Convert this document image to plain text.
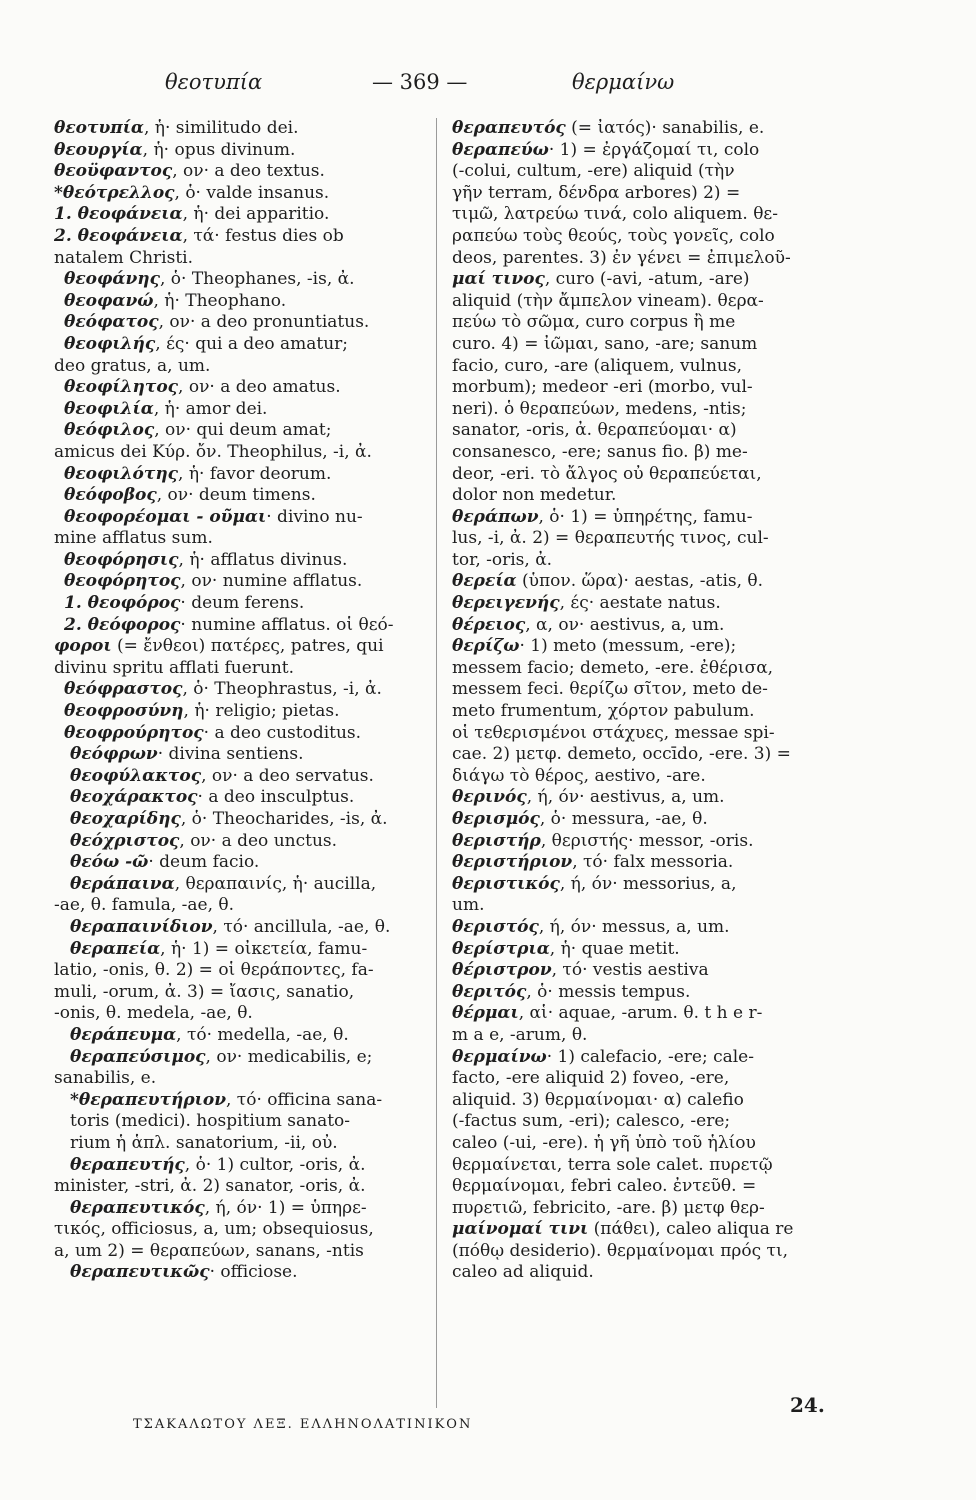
θεοτυπία	— 369 —	θερμαίνω
θεοτυπία, ἡ· similitudo dei.
θεουργία, ἡ· opus divinum.
θεοϋφαντος, ον· a deo textus.
*θεότρελλος, ὁ· valde insanus.
1. θεοφάνεια, ἡ· dei apparitio.
2. θεοφάνεια, τά· festus dies ob
natalem Christi.
θεοφάνης, ὁ· Theophanes, -is, ἀ.
θεοφανώ, ἡ· Theophano.
θεόφατος, ον· a deo pronuntiatus.
θεοφιλής, ές· qui a deo amatur;
deo gratus, a, um.
θεοφίλητος, ον· a deo amatus.
θεοφιλία, ἡ· amor dei.
θεόφιλος, ον· qui deum amat;
amicus dei Κύρ. ὄν. Theophilus, -i, ἀ.
θεοφιλότης, ἡ· favor deorum.
θεόφοβος, ον· deum timens.
θεοφορέομαι - οῦμαι· divino nu-
mine afflatus sum.
θεοφόρησις, ἡ· afflatus divinus.
θεοφόρητος, ον· numine afflatus.
1. θεοφόρος· deum ferens.
2. θεόφορος· numine afflatus. οἱ θεό-
φοροι (= ἔνθεοι) πατέρες, patres, qui
divinu spritu afflati fuerunt.
θεόφραστος, ὁ· Theophrastus, -i, ἀ.
θεοφροσύνη, ἡ· religio; pietas.
θεοφρούρητος· a deo custoditus.
θεόφρων· divina sentiens.
θεοφύλακτος, ον· a deo servatus.
θεοχάρακτος· a deo insculptus.
θεοχαρίδης, ὁ· Theocharides, -is, ἀ.
θεόχριστος, ον· a deo unctus.
θεόω -ῶ· deum facio.
θεράπαινα, θεραπαινίς, ἡ· aucilla,
-ae, θ. famula, -ae, θ.
θεραπαινίδιον, τό· ancillula, -ae, θ.
θεραπεία, ἡ· 1) = οἰκετεία, famu-
latio, -onis, θ. 2) = οἱ θεράποντες, fa-
muli, -orum, ἀ. 3) = ἴασις, sanatio,
-onis, θ. medela, -ae, θ.
θεράπευμα, τό· medella, -ae, θ.
θεραπεύσιμος, ον· medicabilis, e;
sanabilis, e.
*θεραπευτήριον, τό· officina sana-
toris (medici). hospitium sanato-
rium ἡ ἁπλ. sanatorium, -ii, οὐ.
θεραπευτής, ὁ· 1) cultor, -oris, ἀ.
minister, -stri, ἀ. 2) sanator, -oris, ἀ.
θεραπευτικός, ή, όν· 1) = ὑπηρε-
τικός, officiosus, a, um; obsequiosus,
a, um 2) = θεραπεύων, sanans, -ntis
θεραπευτικῶς· officiose.
θεραπευτός (= ἰατός)· sanabilis, e.
θεραπεύω· 1) = ἐργάζομαί τι, colo
(-colui, cultum, -ere) aliquid (τὴν
γῆν terram, δένδρα arbores) 2) =
τιμῶ, λατρεύω τινά, colo aliquem. θε-
ραπεύω τοὺς θεούς, τοὺς γονεῖς, colo
deos, parentes. 3) ἐν γένει = ἐπιμελοῦ-
μαί τινος, curo (-avi, -atum, -are)
aliquid (τὴν ἄμπελον vineam). θερα-
πεύω τὸ σῶμα, curo corpus ἢ me
curo. 4) = ἰῶμαι, sano, -are; sanum
facio, curo, -are (aliquem, vulnus,
morbum); medeor -eri (morbo, vul-
neri). ὁ θεραπεύων, medens, -ntis;
sanator, -oris, ἀ. θεραπεύομαι· α)
consanesco, -ere; sanus fio. β) me-
deor, -eri. τὸ ἄλγος οὐ θεραπεύεται,
dolor non medetur.
θεράπων, ὁ· 1) = ὑπηρέτης, famu-
lus, -i, ἀ. 2) = θεραπευτής τινος, cul-
tor, -oris, ἀ.
θερεία (ὑπον. ὥρα)· aestas, -atis, θ.
θερειγενής, ές· aestate natus.
θέρειος, α, ον· aestivus, a, um.
θερίζω· 1) meto (messum, -ere);
messem facio; demeto, -ere. ἐθέρισα,
messem feci. θερίζω σῖτον, meto de-
meto frumentum, χόρτον pabulum.
οἱ τεθερισμένοι στάχυες, messae spi-
cae. 2) μετφ. demeto, occīdo, -ere. 3) =
διάγω τὸ θέρος, aestivo, -are.
θερινός, ή, όν· aestivus, a, um.
θερισμός, ὁ· messura, -ae, θ.
θεριστήρ, θεριστής· messor, -oris.
θεριστήριον, τό· falx messoria.
θεριστικός, ή, όν· messorius, a,
um.
θεριστός, ή, όν· messus, a, um.
θερίστρια, ἡ· quae metit.
θέριστρον, τό· vestis aestiva
θεριτός, ὁ· messis tempus.
θέρμαι, αἱ· aquae, -arum. θ. t h e r-
m a e, -arum, θ.
θερμαίνω· 1) calefacio, -ere; cale-
facto, -ere aliquid 2) foveo, -ere,
aliquid. 3) θερμαίνομαι· α) calefio
(-factus sum, -eri); calesco, -ere;
caleo (-ui, -ere). ἡ γῆ ὑπὸ τοῦ ἡλίου
θερμαίνεται, terra sole calet. πυρετῷ
θερμαίνομαι, febri caleo. ἐντεῦθ. =
πυρετιῶ, febricito, -are. β) μετφ θερ-
μαίνομαί τινι (πάθει), caleo aliqua re
(πόθῳ desiderio). θερμαίνομαι πρός τι,
caleo ad aliquid.
ΤΣΑΚΑΛΩΤΟΥ ΛΕΞ. ΕΛΛΗΝΟΛΑΤΙΝΙΚΟΝ
24.
